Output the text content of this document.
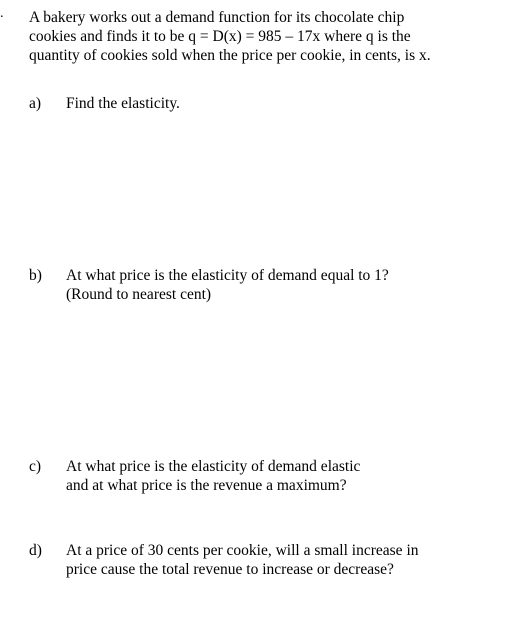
. A bakery works out a demand function for its chocolate chip
cookies and finds it to be q = D(x) = 985 – 17x where q is the
quantity of cookies sold when the price per cookie, in cents, is x.
a) Find the elasticity.
b) At what price is the elasticity of demand equal to 1?
(Round to nearest cent)
c) At what price is the elasticity of demand elastic
and at what price is the revenue a maximum?
d) At a price of 30 cents per cookie, will a small increase in
price cause the total revenue to increase or decrease?
